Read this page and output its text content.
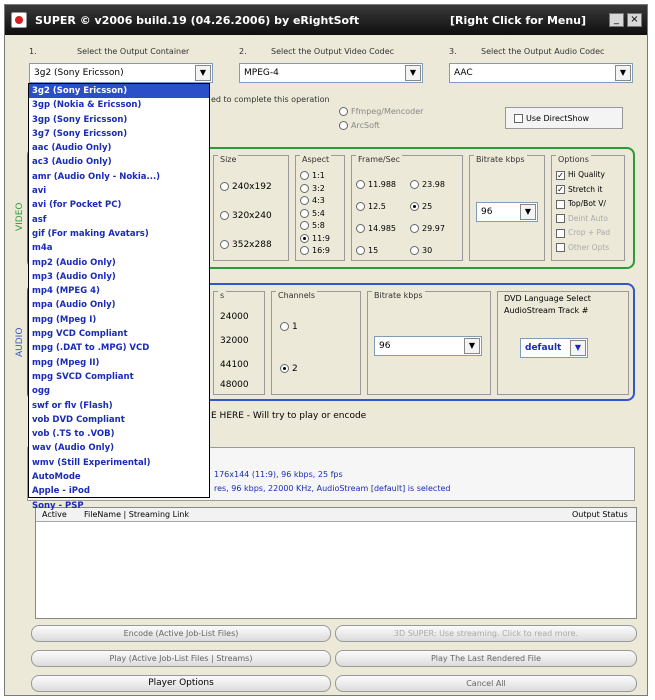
SUPER © v2006 build.19 (04.26.2006) by eRightSoft	[Right Click for Menu]	_	×
1.	Select the Output Container	2.	Select the Output Video Codec	3.	Select the Output Audio Codec
3g2 (Sony Ericsson)	▼	MPEG-4	▼	AAC	▼
ed to complete this operation
Ffmpeg/Mencoder
ArcSoft
Use DirectShow
VIDEO
Size
240x192
320x240
352x288
Aspect
1:1
3:2
4:3
5:4
5:8
11:9
16:9
Frame/Sec
11.988
12.5
14.985
15
23.98
25
29.97
30
Bitrate kbps
96	▼
Options
✓ Hi Quality
✓ Stretch it
Top/Bot V/
Deint Auto
Crop + Pad
Other Opts
AUDIO
s
24000
32000
44100
48000
Channels
1
2
Bitrate kbps
96	▼
DVD Language Select
AudioStream Track #
default	▼
E HERE - Will try to play or encode
176x144 (11:9), 96 kbps, 25 fps
res, 96 kbps, 22000 KHz, AudioStream [default] is selected
Active FileName | Streaming Link	Output Status
Encode (Active Job-List Files)	3D SUPER: Use streaming. Click to read more.
Play (Active Job-List Files | Streams)	Play The Last Rendered File
Player Options	Cancel All
3g2 (Sony Ericsson)
3gp (Nokia & Ericsson)
3gp (Sony Ericsson)
3g7 (Sony Ericsson)
aac (Audio Only)
ac3 (Audio Only)
amr (Audio Only - Nokia...)
avi
avi (for Pocket PC)
asf
gif (For making Avatars)
m4a
mp2 (Audio Only)
mp3 (Audio Only)
mp4 (MPEG 4)
mpa (Audio Only)
mpg (Mpeg I)
mpg VCD Compliant
mpg (.DAT to .MPG) VCD
mpg (Mpeg II)
mpg SVCD Compliant
ogg
swf or flv (Flash)
vob DVD Compliant
vob (.TS to .VOB)
wav (Audio Only)
wmv (Still Experimental)
AutoMode
Apple - iPod
Sony - PSP
